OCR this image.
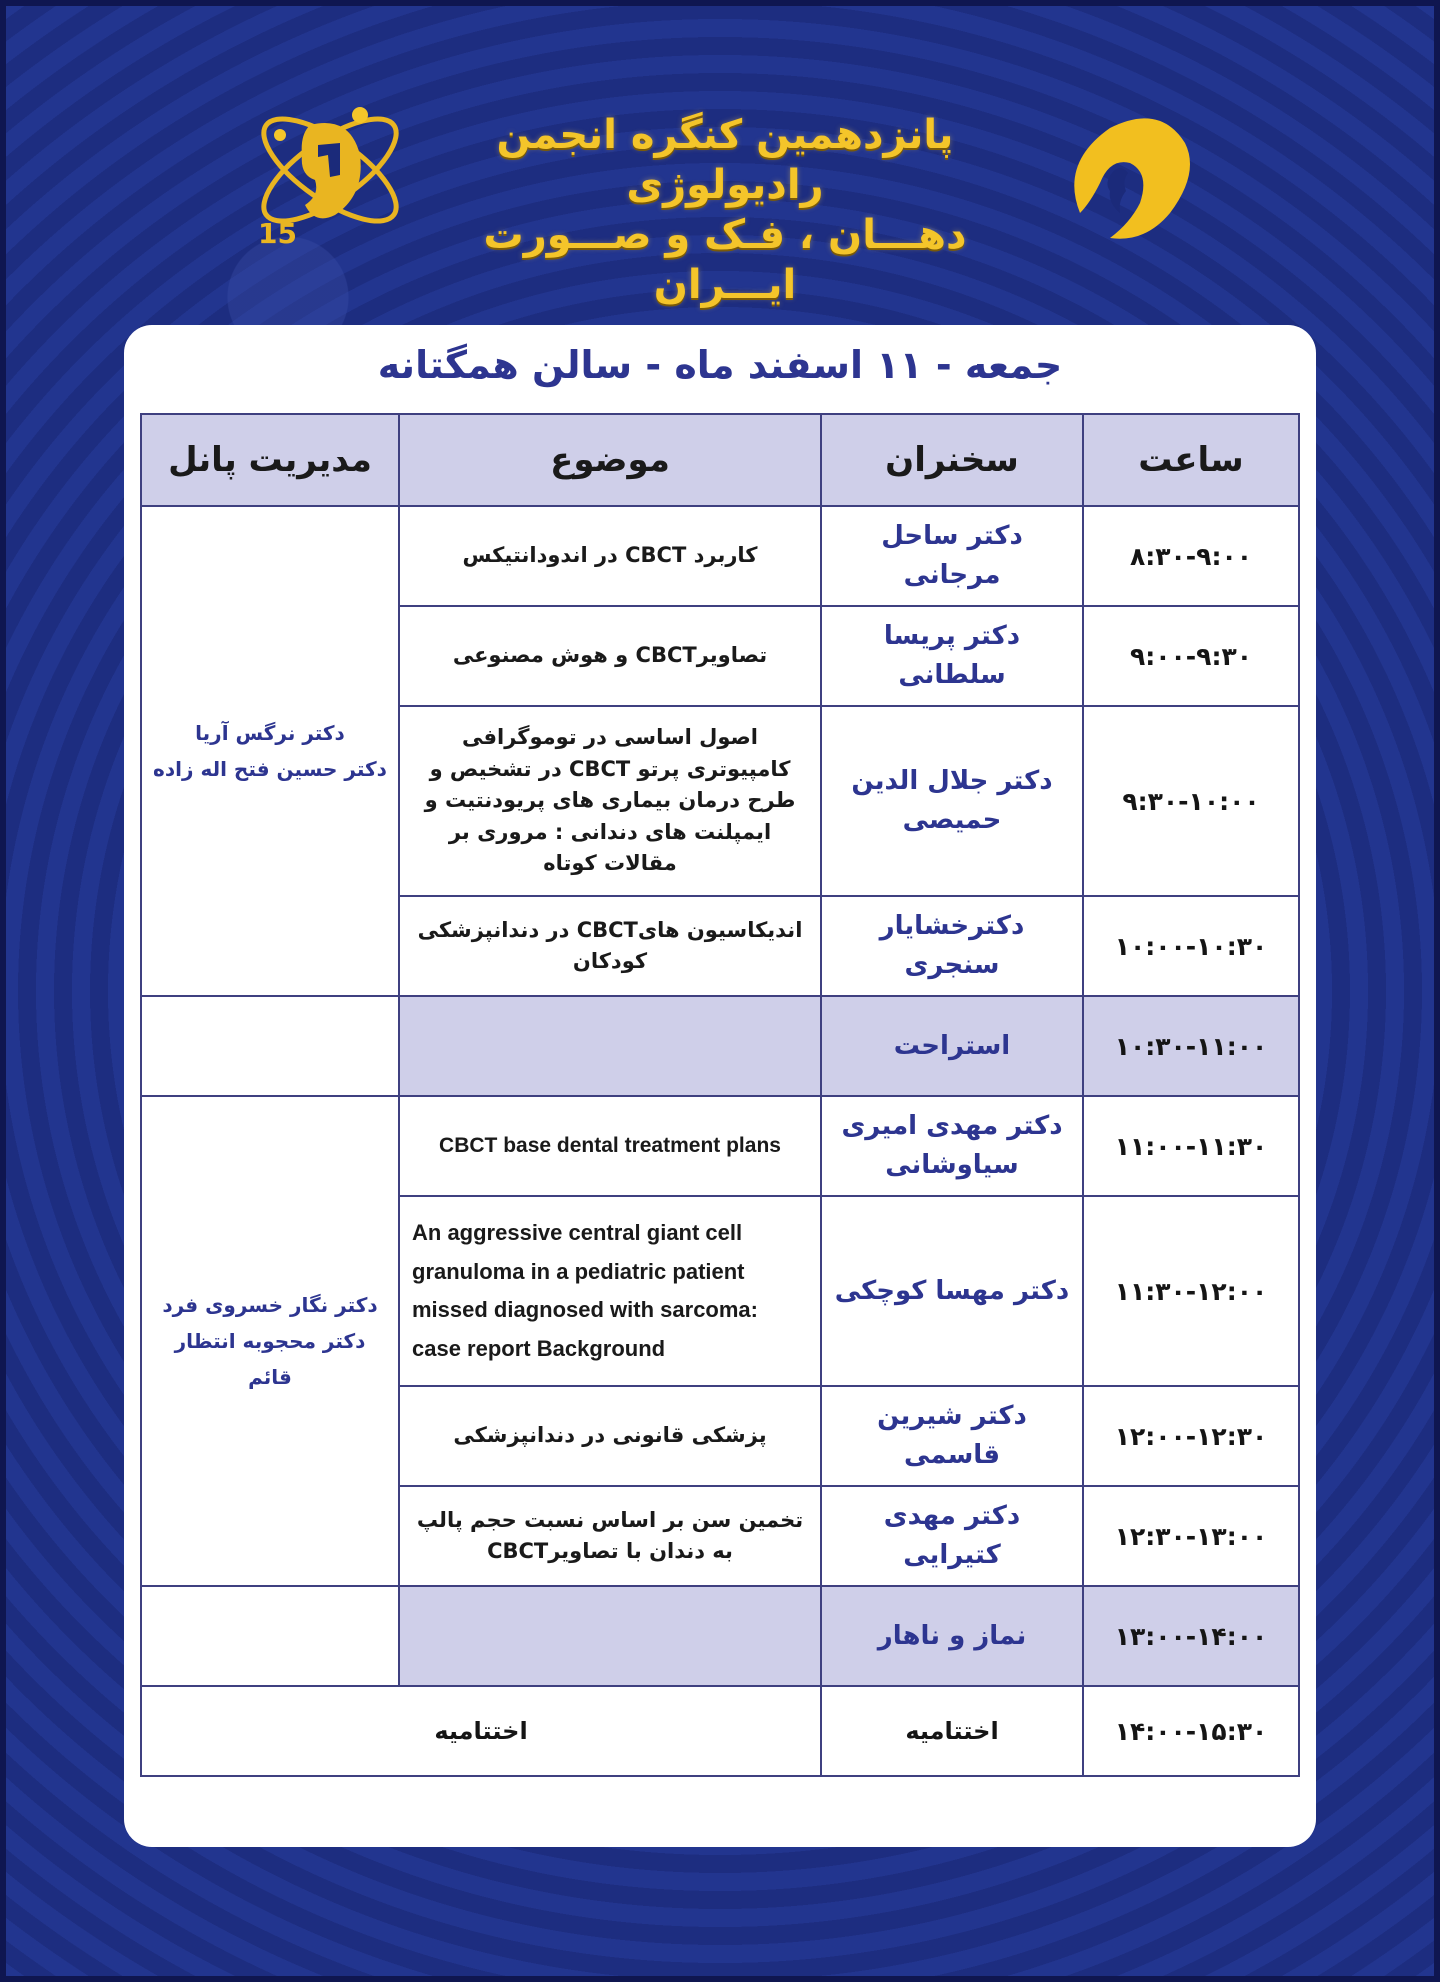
15
پانزدهمین کنگره انجمن رادیولوژی
دهـــان ، فـک و صـــورت ایـــران
جمعه - ۱۱ اسفند ماه - سالن همگتانه
ساعت	سخنران	موضوع	مدیریت پانل
۸:۳۰-۹:۰۰	دکتر ساحل مرجانی	کاربرد CBCT در اندودانتیکس	دکتر نرگس آریا
دکتر حسین فتح اله زاده

۹:۰۰-۹:۳۰	دکتر پریسا سلطانی	تصاویرCBCT و هوش مصنوعی	
۹:۳۰-۱۰:۰۰	دکتر جلال الدین حمیصی	اصول اساسی در توموگرافی کامپیوتری پرتو CBCT در تشخیص و طرح درمان بیماری های پریودنتیت و ایمپلنت های دندانی : مروری بر مقالات کوتاه	
۱۰:۰۰-۱۰:۳۰	دکترخشایار سنجری	اندیکاسیون هایCBCT در دندانپزشکی کودکان	
۱۰:۳۰-۱۱:۰۰	استراحت		
۱۱:۰۰-۱۱:۳۰	دکتر مهدی امیری سیاوشانی	CBCT base dental treatment plans	دکتر نگار خسروی فرد
دکتر محجوبه انتظار قائم

۱۱:۳۰-۱۲:۰۰	دکتر مهسا کوچکی	An aggressive central giant cell granuloma in a pediatric patient missed diagnosed with sarcoma: case report Background	
۱۲:۰۰-۱۲:۳۰	دکتر شیرین قاسمی	پزشکی قانونی در دندانپزشکی	
۱۲:۳۰-۱۳:۰۰	دکتر مهدی کتیرایی	تخمین سن بر اساس نسبت حجم پالپ به دندان با تصاویرCBCT	
۱۳:۰۰-۱۴:۰۰	نماز و ناهار		
۱۴:۰۰-۱۵:۳۰	اختتامیه	اختتامیه	
